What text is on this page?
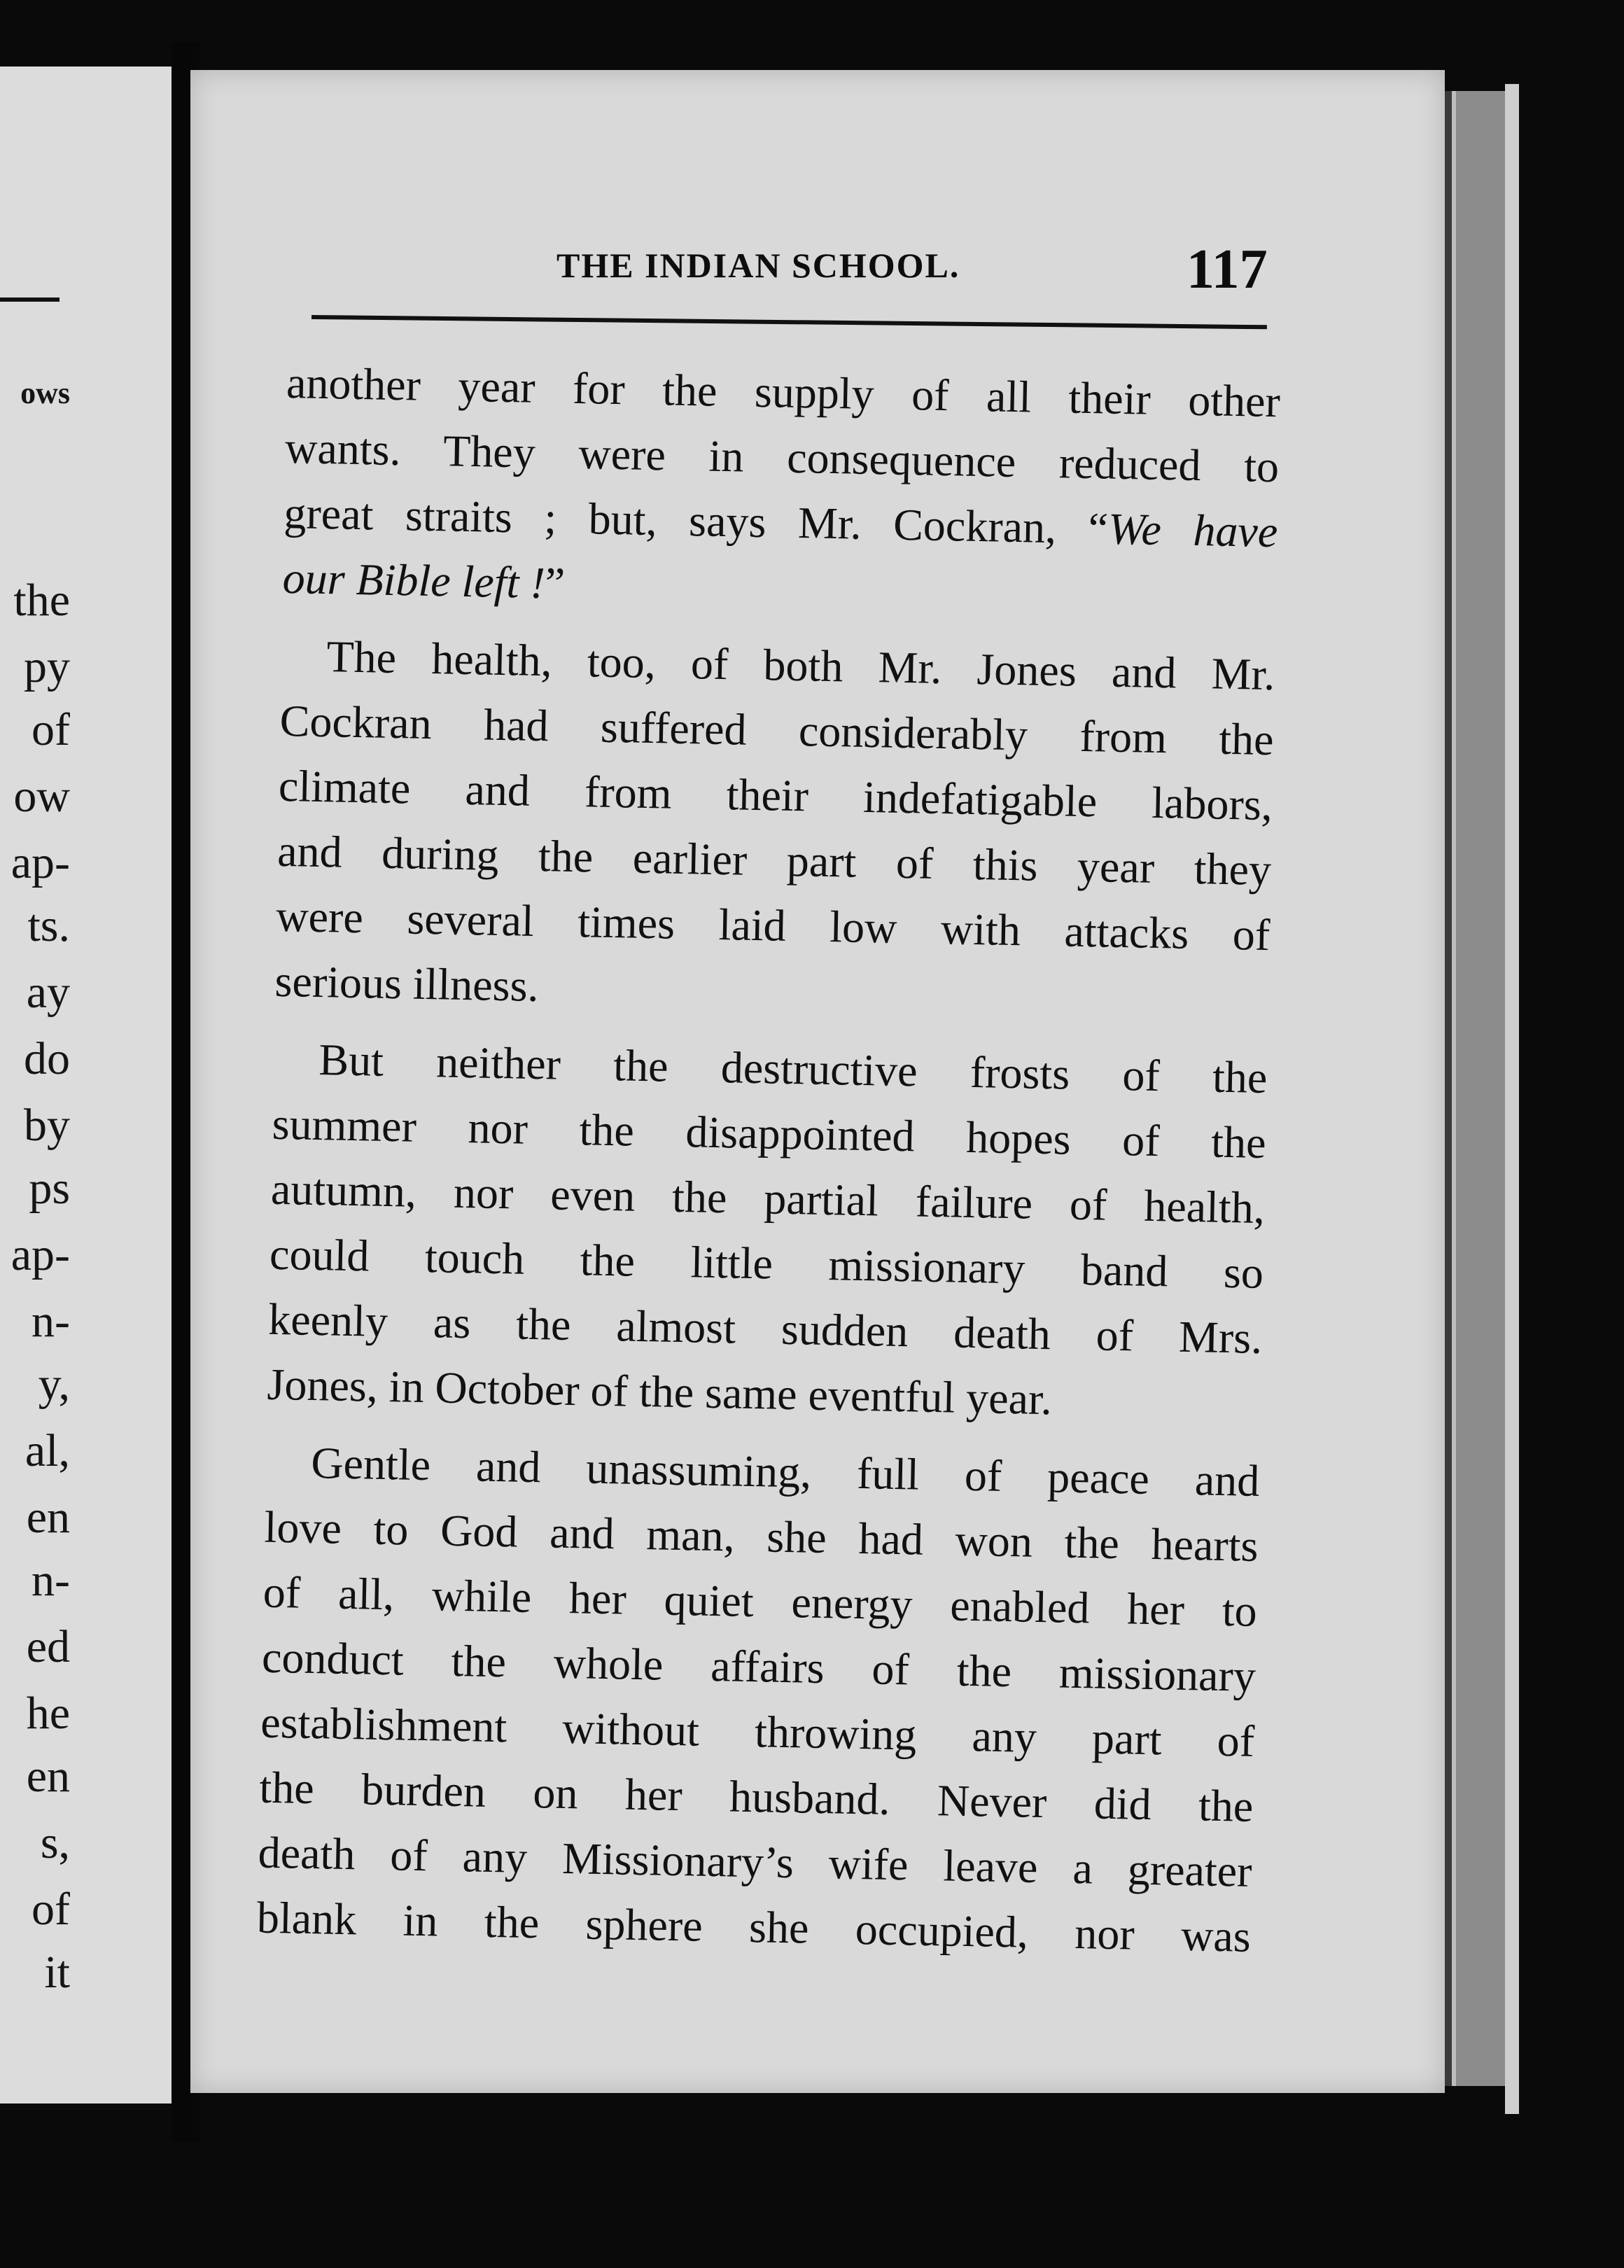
ows
the
py
of
ow
ap-
ts.
ay
do
by
ps
ap-
n-
y,
al,
en
n-
ed
he
en
s,
of
it
THE INDIAN SCHOOL.	117
another year for the supply of all their other
wants. They were in consequence reduced to
great straits ; but, says Mr. Cockran, “We have
our Bible left !”
The health, too, of both Mr. Jones and Mr.
Cockran had suffered considerably from the
climate and from their indefatigable labors,
and during the earlier part of this year they
were several times laid low with attacks of
serious illness.
But neither the destructive frosts of the
summer nor the disappointed hopes of the
autumn, nor even the partial failure of health,
could touch the little missionary band so
keenly as the almost sudden death of Mrs.
Jones, in October of the same eventful year.
Gentle and unassuming, full of peace and
love to God and man, she had won the hearts
of all, while her quiet energy enabled her to
conduct the whole affairs of the missionary
establishment without throwing any part of
the burden on her husband. Never did the
death of any Missionary’s wife leave a greater
blank in the sphere she occupied, nor was
